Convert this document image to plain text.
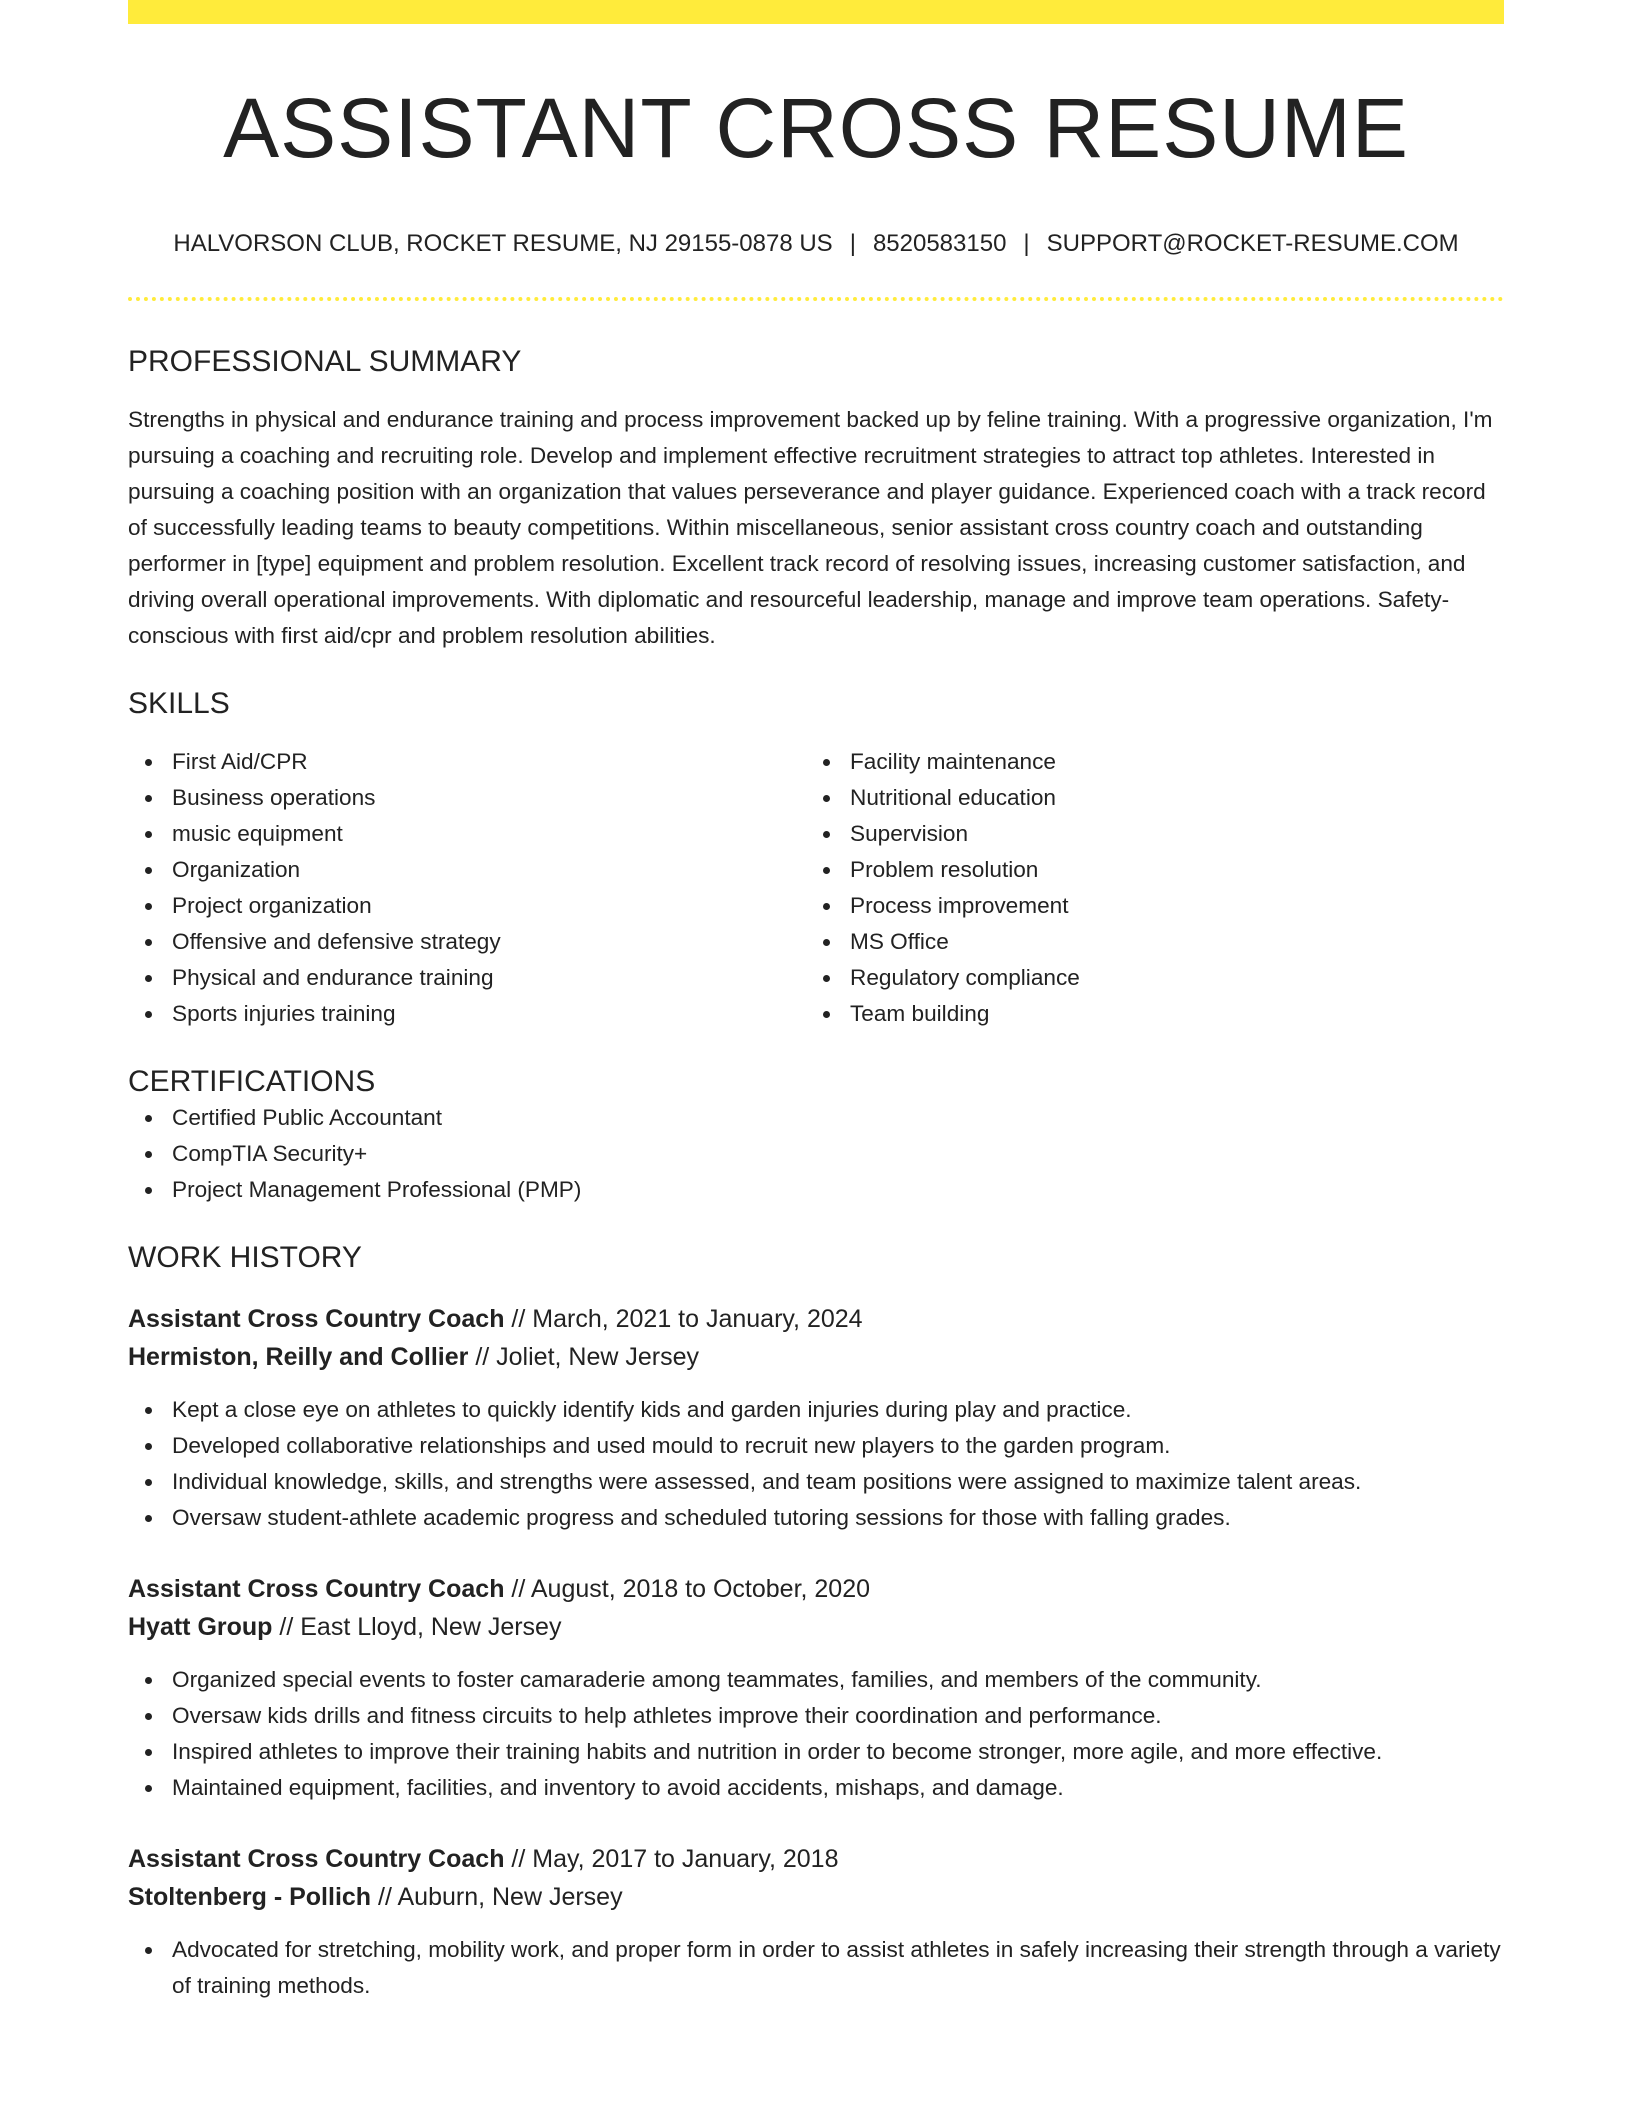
ASSISTANT CROSS RESUME
HALVORSON CLUB, ROCKET RESUME, NJ 29155-0878 US | 8520583150 | SUPPORT@ROCKET-RESUME.COM
PROFESSIONAL SUMMARY
Strengths in physical and endurance training and process improvement backed up by feline training. With a progressive organization, I'm pursuing a coaching and recruiting role. Develop and implement effective recruitment strategies to attract top athletes. Interested in pursuing a coaching position with an organization that values perseverance and player guidance. Experienced coach with a track record of successfully leading teams to beauty competitions. Within miscellaneous, senior assistant cross country coach and outstanding performer in [type] equipment and problem resolution. Excellent track record of resolving issues, increasing customer satisfaction, and driving overall operational improvements. With diplomatic and resourceful leadership, manage and improve team operations. Safety-conscious with first aid/cpr and problem resolution abilities.
SKILLS
First Aid/CPR
Business operations
music equipment
Organization
Project organization
Offensive and defensive strategy
Physical and endurance training
Sports injuries training
Facility maintenance
Nutritional education
Supervision
Problem resolution
Process improvement
MS Office
Regulatory compliance
Team building
CERTIFICATIONS
Certified Public Accountant
CompTIA Security+
Project Management Professional (PMP)
WORK HISTORY
Assistant Cross Country Coach // March, 2021 to January, 2024
Hermiston, Reilly and Collier // Joliet, New Jersey
Kept a close eye on athletes to quickly identify kids and garden injuries during play and practice.
Developed collaborative relationships and used mould to recruit new players to the garden program.
Individual knowledge, skills, and strengths were assessed, and team positions were assigned to maximize talent areas.
Oversaw student-athlete academic progress and scheduled tutoring sessions for those with falling grades.
Assistant Cross Country Coach // August, 2018 to October, 2020
Hyatt Group // East Lloyd, New Jersey
Organized special events to foster camaraderie among teammates, families, and members of the community.
Oversaw kids drills and fitness circuits to help athletes improve their coordination and performance.
Inspired athletes to improve their training habits and nutrition in order to become stronger, more agile, and more effective.
Maintained equipment, facilities, and inventory to avoid accidents, mishaps, and damage.
Assistant Cross Country Coach // May, 2017 to January, 2018
Stoltenberg - Pollich // Auburn, New Jersey
Advocated for stretching, mobility work, and proper form in order to assist athletes in safely increasing their strength through a variety of training methods.
